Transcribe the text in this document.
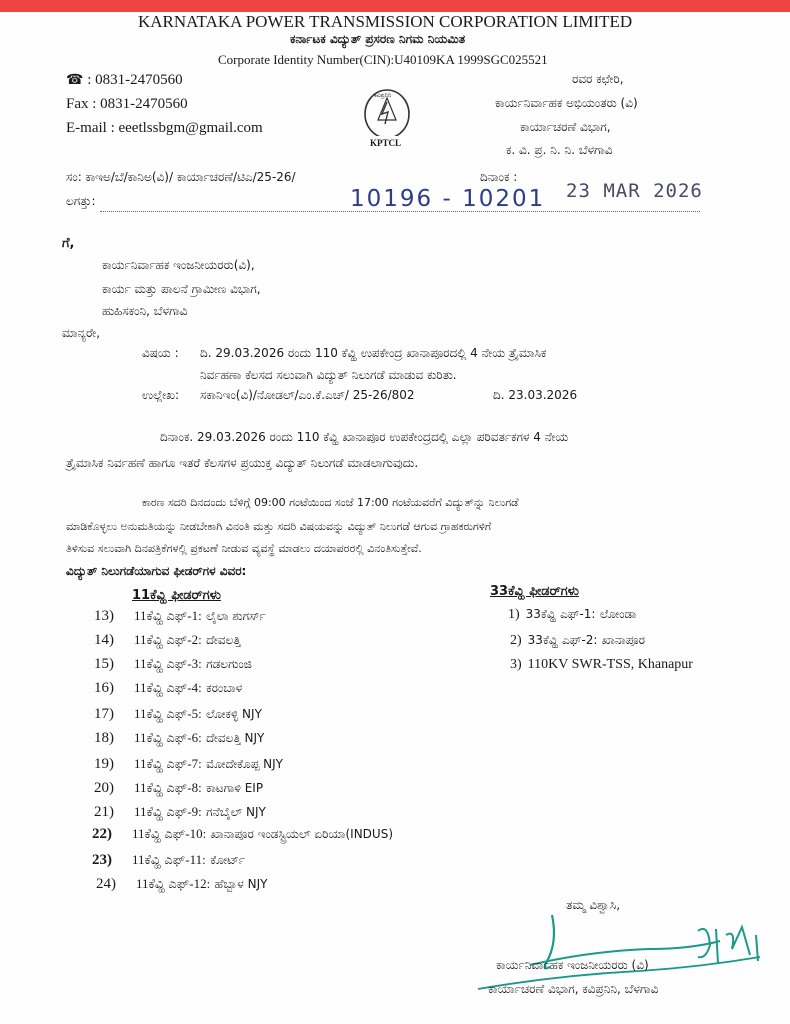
KARNATAKA POWER TRANSMISSION CORPORATION LIMITED
ಕರ್ನಾಟಕ ವಿದ್ಯುತ್ ಪ್ರಸರಣ ನಿಗಮ ನಿಯಮಿತ
Corporate Identity Number(CIN):U40109KA 1999SGC025521
☎ : 0831-2470560
Fax : 0831-2470560
E-mail : eeetlssbgm@gmail.com
ಕವಿಪ್ರನಿನಿ
KPTCL
ರವರ ಕಛೇರಿ,
ಕಾರ್ಯನಿರ್ವಾಹಕ ಅಭಿಯಂತರು (ವಿ)
ಕಾರ್ಯಾಚರಣೆ ವಿಭಾಗ,
ಕ. ವಿ. ಪ್ರ. ನಿ. ನಿ. ಬೆಳಗಾವಿ
ಸಂ: ಕಾಇಅ/ಬೆ/ಕಾನಿಅ(ವಿ)/ ಕಾರ್ಯಾಚರಣೆ/ಟಿಎ/25-26/	ದಿನಾಂಕ :
ಲಗತ್ತು:	10196 - 10201 23 MAR 2026
ಗೆ,
ಕಾರ್ಯನಿರ್ವಾಹಕ ಇಂಜನೀಯರರು(ವಿ),
ಕಾರ್ಯ ಮತ್ತು ಪಾಲನೆ ಗ್ರಾಮೀಣ ವಿಭಾಗ,
ಹುಹಿಸಕಂನಿ, ಬೆಳಗಾವಿ
ಮಾನ್ಯರೇ,
ವಿಷಯ : ದಿ. 29.03.2026 ರಂದು 110 ಕೆವ್ಹಿ ಉಪಕೇಂದ್ರ ಖಾನಾಪೂರದಲ್ಲಿ 4 ನೇಯ ತ್ರೈಮಾಸಿಕ
ನಿರ್ವಹಣಾ ಕೆಲಸದ ಸಲುವಾಗಿ ವಿದ್ಯುತ್ ನಿಲುಗಡೆ ಮಾಡುವ ಕುರಿತು.
ಉಲ್ಲೇಖ: ಸಕಾನಿಇಂ(ವಿ)/ನೋಡಲ್/ಎಂ.ಕೆ.ಎಚ್/ 25-26/802	ದಿ. 23.03.2026
ದಿನಾಂಕ. 29.03.2026 ರಂದು 110 ಕೆವ್ಹಿ ಖಾನಾಪೂರ ಉಪಕೇಂದ್ರದಲ್ಲಿ ಎಲ್ಲಾ ಪರಿವರ್ತಕಗಳ 4 ನೇಯ
ತ್ರೈಮಾಸಿಕ ನಿರ್ವಹಣೆ ಹಾಗೂ ಇತರೆ ಕೆಲಸಗಳ ಪ್ರಯುಕ್ತ ವಿದ್ಯುತ್ ನಿಲುಗಡೆ ಮಾಡಲಾಗುವುದು.
ಕಾರಣ ಸದರಿ ದಿನದಂದು ಬೆಳಿಗ್ಗೆ 09:00 ಗಂಟೆಯಿಂದ ಸಂಜೆ 17:00 ಗಂಟೆಯವರೆಗೆ ವಿದ್ಯುತ್‌ನ್ನು ನಿಲುಗಡೆ
ಮಾಡಿಕೊಳ್ಳಲು ಅನುಮತಿಯನ್ನು ನೀಡಬೇಕಾಗಿ ವಿನಂತಿ ಮತ್ತು ಸದರಿ ವಿಷಯವನ್ನು ವಿದ್ಯುತ್ ನಿಲುಗಡೆ ಆಗುವ ಗ್ರಾಹಕರುಗಳಿಗೆ
ತಿಳಿಸುವ ಸಲುವಾಗಿ ದಿನಪತ್ರಿಕೆಗಳಲ್ಲಿ ಪ್ರಕಟಣೆ ನೀಡುವ ವ್ಯವಸ್ಥೆ ಮಾಡಲು ದಯಾಪರರಲ್ಲಿ ವಿನಂತಿಸುತ್ತೇವೆ.
ವಿದ್ಯುತ್ ನಿಲುಗಡೆಯಾಗುವ ಫೀಡರ್‌ಗಳ ವಿವರ:
11ಕೆವ್ಹಿ ಫೀಡರ್‌ಗಳು
13) 11ಕೆವ್ಹಿ ಎಫ್-1: ಲೈಲಾ ಶುಗರ್ಸ್
14) 11ಕೆವ್ಹಿ ಎಫ್-2: ದೇವಲತ್ತಿ
15) 11ಕೆವ್ಹಿ ಎಫ್-3: ಗಡಲಗುಂಜಿ
16) 11ಕೆವ್ಹಿ ಎಫ್-4: ಕರಂಬಾಳ
17) 11ಕೆವ್ಹಿ ಎಫ್-5: ಲೋಕಳ್ಳಿ NJY
18) 11ಕೆವ್ಹಿ ಎಫ್-6: ದೇವಲತ್ತಿ NJY
19) 11ಕೆವ್ಹಿ ಎಫ್-7: ಮೋದೇಕೊಪ್ಪ NJY
20) 11ಕೆವ್ಹಿ ಎಫ್-8: ಕಾಟಗಾಳಿ EIP
21) 11ಕೆವ್ಹಿ ಎಫ್-9: ಗನೆಬೈಲ್ NJY
22) 11ಕೆವ್ಹಿ ಎಫ್-10: ಖಾನಾಪೂರ ಇಂಡಸ್ಟ್ರಿಯಲ್ ಏರಿಯಾ(INDUS)
23) 11ಕೆವ್ಹಿ ಎಫ್-11: ಕೋರ್ಟ್
24) 11ಕೆವ್ಹಿ ಎಫ್-12: ಹೆಬ್ಬಾಳ NJY
33ಕೆವ್ಹಿ ಫೀಡರ್‌ಗಳು
1) 33ಕೆವ್ಹಿ ಎಫ್-1: ಲೋಂಡಾ
2) 33ಕೆವ್ಹಿ ಎಫ್-2: ಖಾನಾಪೂರ
3) 110KV SWR-TSS, Khanapur
ತಮ್ಮ ವಿಶ್ವಾಸಿ,
ಕಾರ್ಯನಿರ್ವಾಹಕ ಇಂಜನೀಯರರು (ವಿ)
ಕಾರ್ಯಾಚರಣೆ ವಿಭಾಗ, ಕವಿಪ್ರನಿನಿ, ಬೆಳಗಾವಿ
